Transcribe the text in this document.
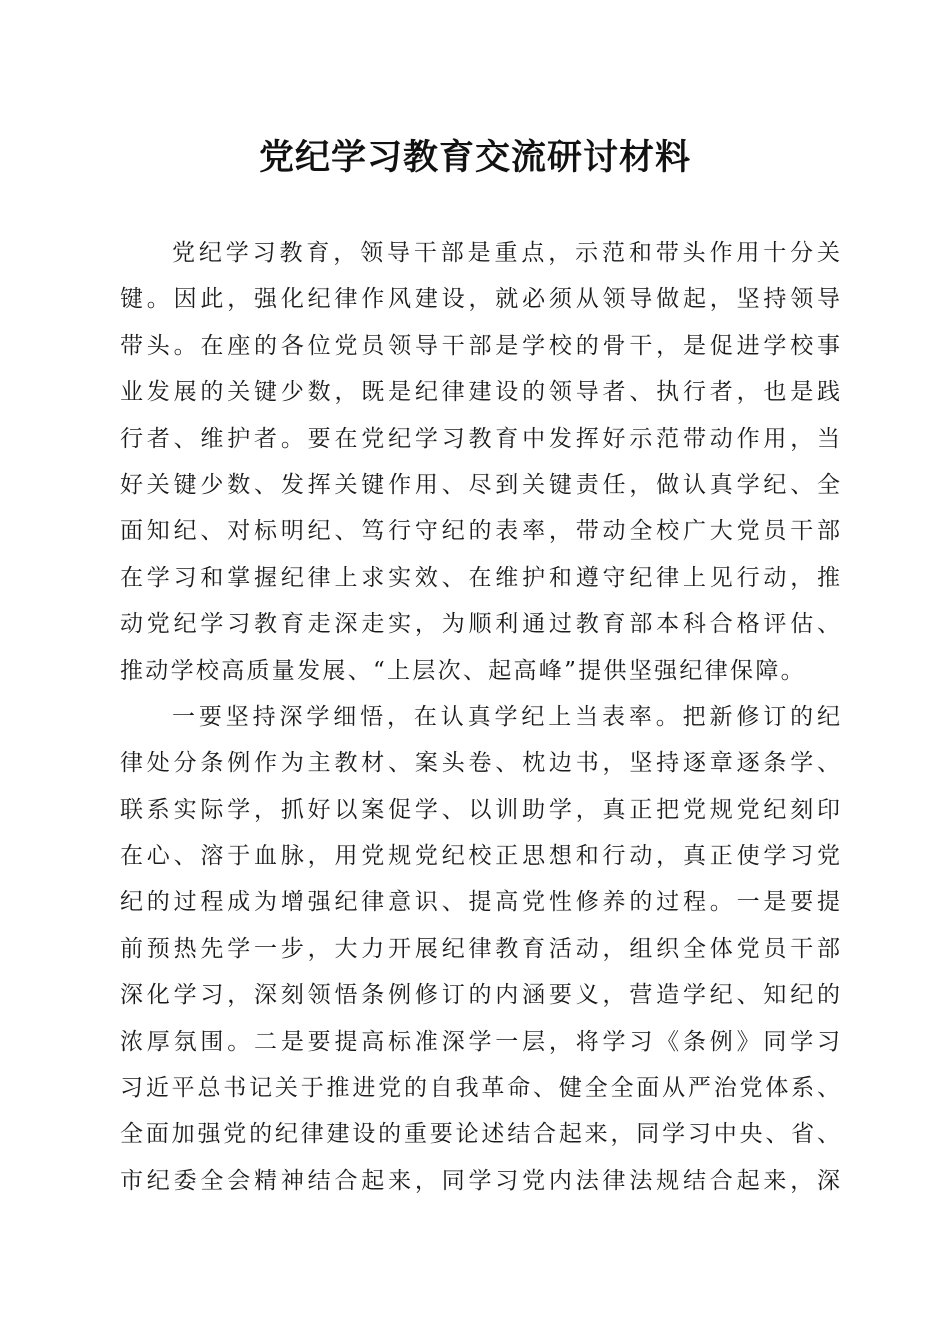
党纪学习教育交流研讨材料
党纪学习教育，领导干部是重点，示范和带头作用十分关
键。因此，强化纪律作风建设，就必须从领导做起，坚持领导
带头。在座的各位党员领导干部是学校的骨干，是促进学校事
业发展的关键少数，既是纪律建设的领导者、执行者，也是践
行者、维护者。要在党纪学习教育中发挥好示范带动作用，当
好关键少数、发挥关键作用、尽到关键责任，做认真学纪、全
面知纪、对标明纪、笃行守纪的表率，带动全校广大党员干部
在学习和掌握纪律上求实效、在维护和遵守纪律上见行动，推
动党纪学习教育走深走实，为顺利通过教育部本科合格评估、
推动学校高质量发展、“上层次、起高峰”提供坚强纪律保障。
一要坚持深学细悟，在认真学纪上当表率。把新修订的纪
律处分条例作为主教材、案头卷、枕边书，坚持逐章逐条学、
联系实际学，抓好以案促学、以训助学，真正把党规党纪刻印
在心、溶于血脉，用党规党纪校正思想和行动，真正使学习党
纪的过程成为增强纪律意识、提高党性修养的过程。一是要提
前预热先学一步，大力开展纪律教育活动，组织全体党员干部
深化学习，深刻领悟条例修订的内涵要义，营造学纪、知纪的
浓厚氛围。二是要提高标准深学一层，将学习《条例》同学习
习近平总书记关于推进党的自我革命、健全全面从严治党体系、
全面加强党的纪律建设的重要论述结合起来，同学习中央、省、
市纪委全会精神结合起来，同学习党内法律法规结合起来，深
